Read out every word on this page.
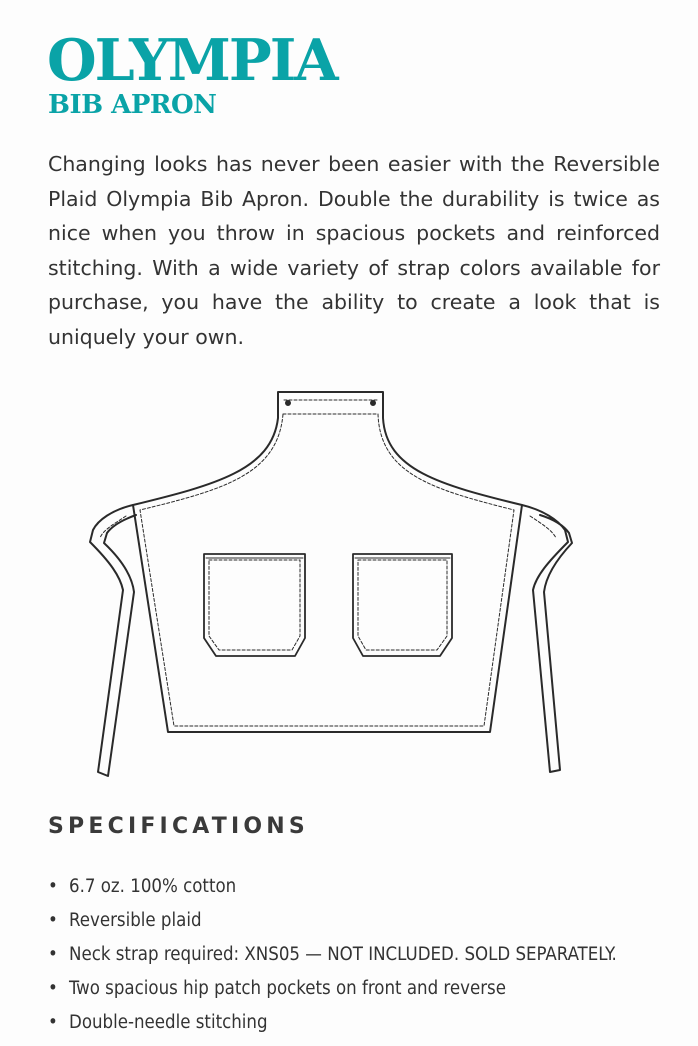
OLYMPIA
BIB APRON

Changing looks has never been easier with the Reversible Plaid Olympia Bib Apron. Double the durability is twice as nice when you throw in spacious pockets and reinforced stitching. With a wide variety of strap colors available for purchase, you have the ability to create a look that is uniquely your own.

SPECIFICATIONS
• 6.7 oz. 100% cotton
• Reversible plaid
• Neck strap required: XNS05 — NOT INCLUDED. SOLD SEPARATELY.
• Two spacious hip patch pockets on front and reverse
• Double-needle stitching
